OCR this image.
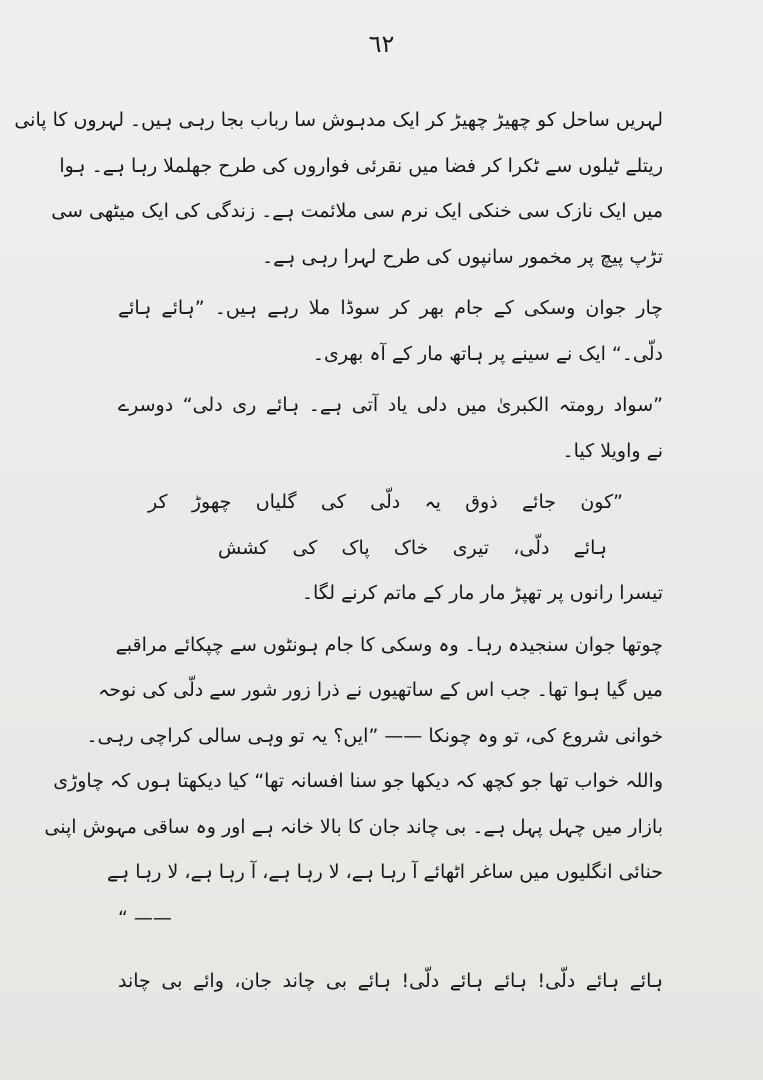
٦٢
لہریں ساحل کو چھیڑ چھیڑ کر ایک مدہوش سا رباب بجا رہی ہیں۔ لہروں کا پانی
ریتلے ٹیلوں سے ٹکرا کر فضا میں نقرئی فواروں کی طرح جھلملا رہا ہے۔ ہوا
میں ایک نازک سی خنکی ایک نرم سی ملائمت ہے۔ زندگی کی ایک میٹھی سی
تڑپ پیچ پر مخمور سانپوں کی طرح لہرا رہی ہے۔
چار جوان وسکی کے جام بھر کر سوڈا ملا رہے ہیں۔ ”ہائے ہائے
دلّی۔“ ایک نے سینے پر ہاتھ مار کے آہ بھری۔
”سواد رومتہ الکبریٰ میں دلی یاد آتی ہے۔ ہائے ری دلی“ دوسرے
نے واویلا کیا۔
”کون جائے ذوق یہ دلّی کی گلیاں چھوڑ کر
ہائے دلّی، تیری خاک پاک کی کشش
تیسرا رانوں پر تھپڑ مار مار کے ماتم کرنے لگا۔
چوتھا جوان سنجیدہ رہا۔ وہ وسکی کا جام ہونٹوں سے چپکائے مراقبے
میں گیا ہوا تھا۔ جب اس کے ساتھیوں نے ذرا زور شور سے دلّی کی نوحہ
خوانی شروع کی، تو وہ چونکا —— ”ایں؟ یہ تو وہی سالی کراچی رہی۔
واللہ خواب تھا جو کچھ کہ دیکھا جو سنا افسانہ تھا“ کیا دیکھتا ہوں کہ چاوڑی
بازار میں چہل پہل ہے۔ بی چاند جان کا بالا خانہ ہے اور وہ ساقی مہوش اپنی
حنائی انگلیوں میں ساغر اٹھائے آ رہا ہے، لا رہا ہے، آ رہا ہے، لا رہا ہے
—— “
ہائے ہائے دلّی! ہائے ہائے دلّی! ہائے بی چاند جان، وائے بی چاند
